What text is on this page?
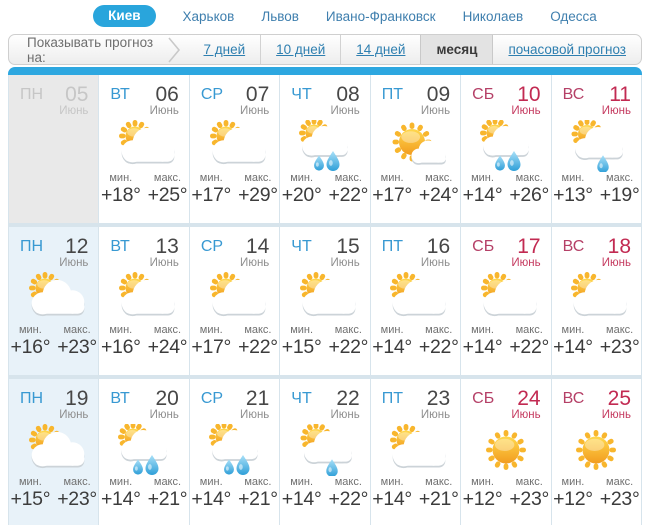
Киев	Харьков Львов Ивано-Франковск Николаев Одесса
Показывать прогноз на:	7 дней	10 дней	14 дней	месяц	почасовой прогноз
ПН 05
Июнь
ВТ 06
Июнь
мин.
+18°
макс.
+25°
СР 07
Июнь
мин.
+17°
макс.
+29°
ЧТ 08
Июнь
мин.
+20°
макс.
+22°
ПТ 09
Июнь
мин.
+17°
макс.
+24°
СБ 10
Июнь
мин.
+14°
макс.
+26°
ВС	11
Июнь
мин.
+13°
макс.
+19°
ПН 12
Июнь
мин.
+16°
макс.
+23°
ВТ 13
Июнь
мин.
+16°
макс.
+24°
СР 14
Июнь
мин.
+17°
макс.
+22°
ЧТ 15
Июнь
мин.
+15°
макс.
+22°
ПТ 16
Июнь
мин.
+14°
макс.
+22°
СБ 17
Июнь
мин.
+14°
макс.
+22°
ВС 18
Июнь
мин.
+14°
макс.
+23°
ПН 19
Июнь
мин.
+15°
макс.
+23°
ВТ 20
Июнь
мин.
+14°
макс.
+21°
СР 21
Июнь
мин.
+14°
макс.
+21°
ЧТ 22
Июнь
мин.
+14°
макс.
+22°
ПТ 23
Июнь
мин.
+14°
макс.
+21°
СБ 24
Июнь
мин.
+12°
макс.
+23°
ВС 25
Июнь
мин.
+12°
макс.
+23°
